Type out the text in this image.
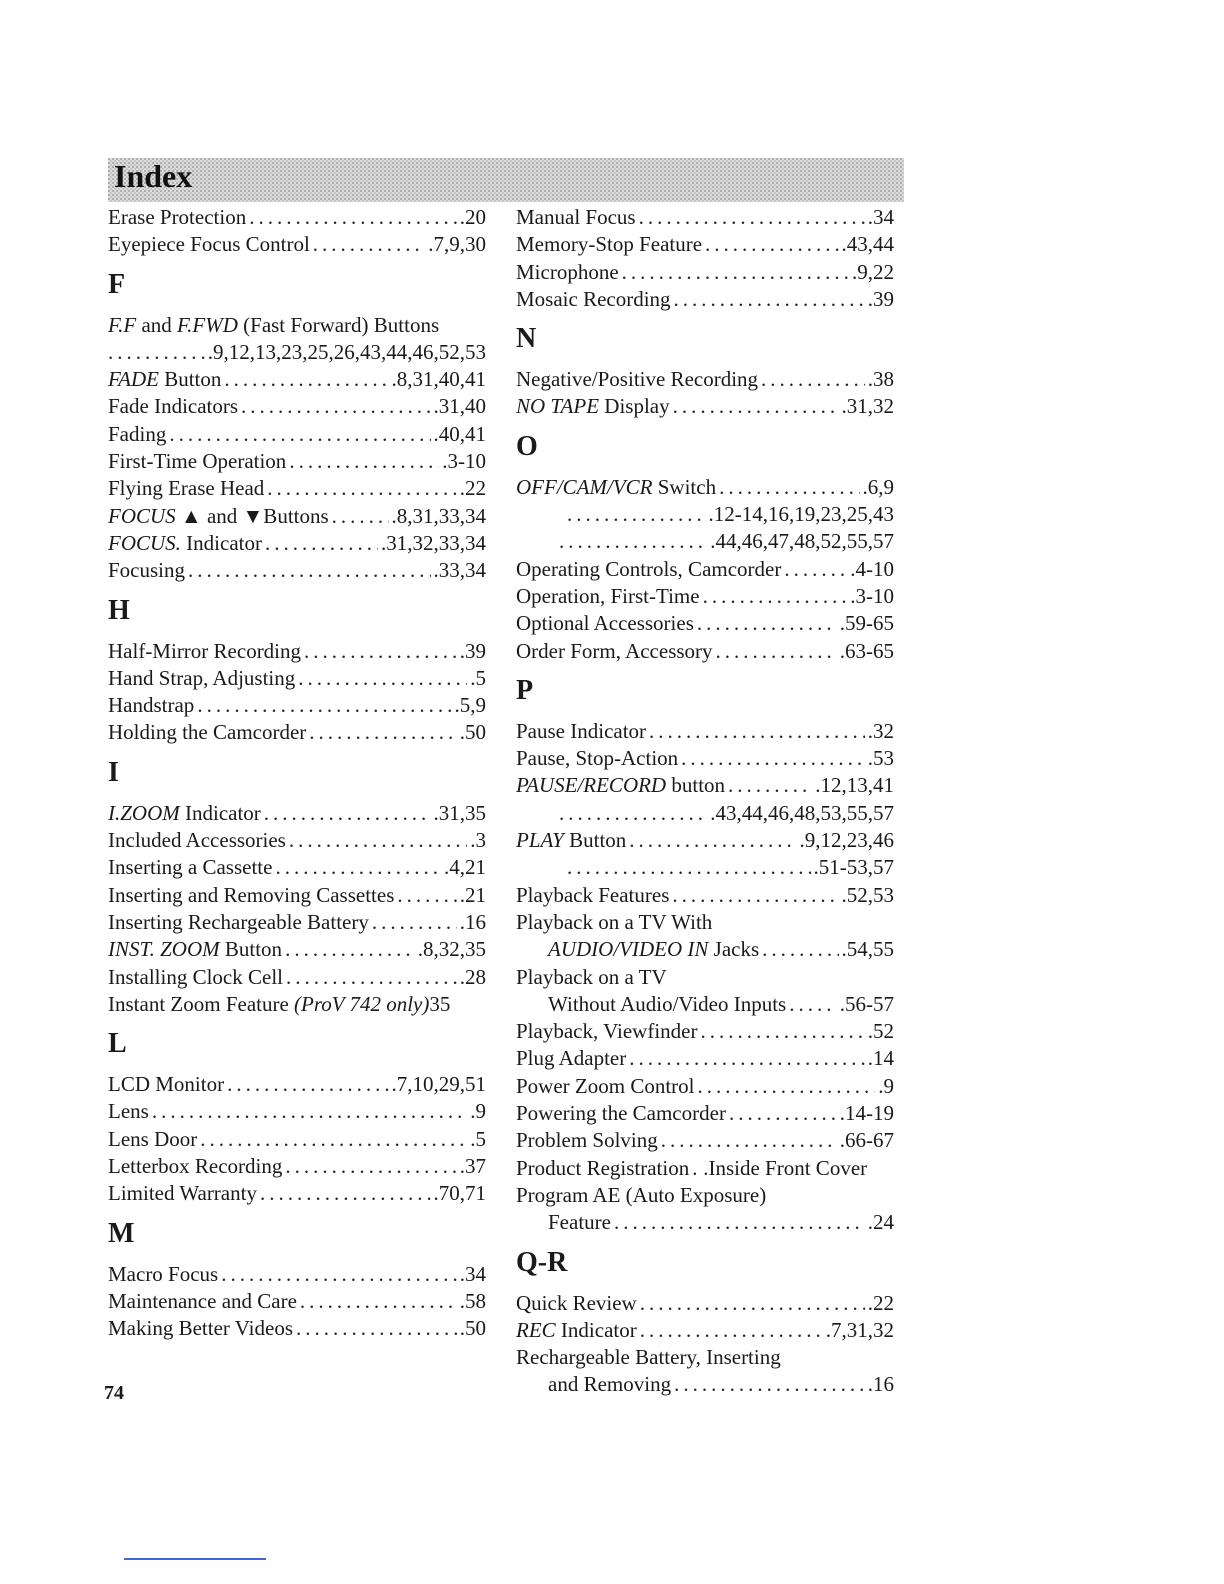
Index
Erase Protection .....	.20
Eyepiece Focus Control .....	.7,9,30
F
F.F and F.FWD (Fast Forward) Buttons
.....
.9,12,13,23,25,26,43,44,46,52,53
FADE Button .....	.8,31,40,41
Fade Indicators .....	.31,40
Fading .....	.40,41
First-Time Operation .....	.3-10
Flying Erase Head .....	.22
FOCUS ▲ and ▼Buttons .....	.8,31,33,34
FOCUS. Indicator .....	.31,32,33,34
Focusing .....	.33,34
H
Half-Mirror Recording .....	.39
Hand Strap, Adjusting .....	.5
Handstrap .....	.5,9
Holding the Camcorder .....	.50
I
I.ZOOM Indicator .....	.31,35
Included Accessories .....	.3
Inserting a Cassette .....	.4,21
Inserting and Removing Cassettes .....	.21
Inserting Rechargeable Battery .....	.16
INST. ZOOM Button .....	.8,32,35
Installing Clock Cell .....	.28
Instant Zoom Feature (ProV 742 only) 35
L
LCD Monitor .....	.7,10,29,51
Lens .....	.9
Lens Door .....	.5
Letterbox Recording .....	.37
Limited Warranty .....	.70,71
M
Macro Focus .....	.34
Maintenance and Care .....	.58
Making Better Videos .....	.50
Manual Focus .....	.34
Memory-Stop Feature .....	.43,44
Microphone .....	.9,22
Mosaic Recording .....	.39
N
Negative/Positive Recording .....	.38
NO TAPE Display .....	.31,32
O
OFF/CAM/VCR Switch .....	.6,9
.....
.12-14,16,19,23,25,43
.....
.44,46,47,48,52,55,57
Operating Controls, Camcorder .....	.4-10
Operation, First-Time .....	.3-10
Optional Accessories .....	.59-65
Order Form, Accessory .....	.63-65
P
Pause Indicator .....	.32
Pause, Stop-Action .....	.53
PAUSE/RECORD button .....	.12,13,41
.....
.43,44,46,48,53,55,57
PLAY Button .....	.9,12,23,46
.....
.51-53,57
Playback Features .....	.52,53
Playback on a TV With
AUDIO/VIDEO IN Jacks .....	.54,55
Playback on a TV
Without Audio/Video Inputs .....	.56-57
Playback, Viewfinder .....	.52
Plug Adapter .....	.14
Power Zoom Control .....	.9
Powering the Camcorder .....	.14-19
Problem Solving .....	.66-67
Product Registration ..... .Inside Front Cover
Program AE (Auto Exposure)
Feature .....	.24
Q-R
Quick Review .....	.22
REC Indicator .....	.7,31,32
Rechargeable Battery, Inserting
and Removing .....	.16
74
